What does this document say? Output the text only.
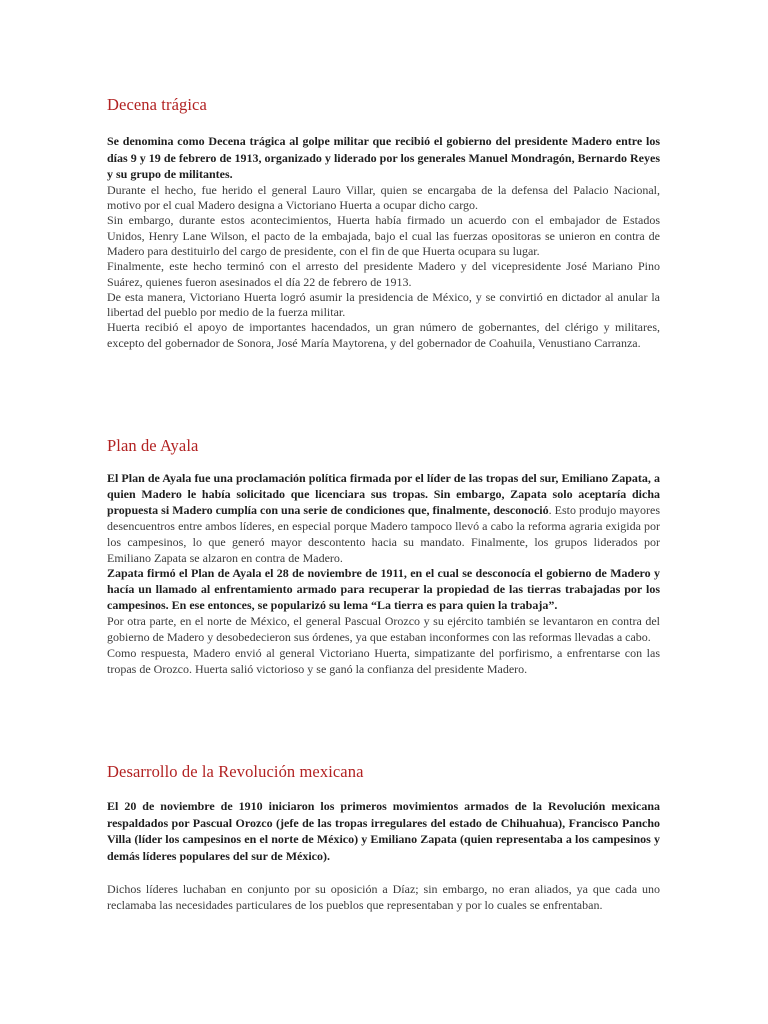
Decena trágica

Se denomina como Decena trágica al golpe militar que recibió el gobierno del presidente Madero entre los días 9 y 19 de febrero de 1913, organizado y liderado por los generales Manuel Mondragón, Bernardo Reyes y su grupo de militantes.

Durante el hecho, fue herido el general Lauro Villar, quien se encargaba de la defensa del Palacio Nacional, motivo por el cual Madero designa a Victoriano Huerta a ocupar dicho cargo.

Sin embargo, durante estos acontecimientos, Huerta había firmado un acuerdo con el embajador de Estados Unidos, Henry Lane Wilson, el pacto de la embajada, bajo el cual las fuerzas opositoras se unieron en contra de Madero para destituirlo del cargo de presidente, con el fin de que Huerta ocupara su lugar.

Finalmente, este hecho terminó con el arresto del presidente Madero y del vicepresidente José Mariano Pino Suárez, quienes fueron asesinados el día 22 de febrero de 1913.

De esta manera, Victoriano Huerta logró asumir la presidencia de México, y se convirtió en dictador al anular la libertad del pueblo por medio de la fuerza militar.

Huerta recibió el apoyo de importantes hacendados, un gran número de gobernantes, del clérigo y militares, excepto del gobernador de Sonora, José María Maytorena, y del gobernador de Coahuila, Venustiano Carranza.

Plan de Ayala

El Plan de Ayala fue una proclamación política firmada por el líder de las tropas del sur, Emiliano Zapata, a quien Madero le había solicitado que licenciara sus tropas. Sin embargo, Zapata solo aceptaría dicha propuesta si Madero cumplía con una serie de condiciones que, finalmente, desconoció. Esto produjo mayores desencuentros entre ambos líderes, en especial porque Madero tampoco llevó a cabo la reforma agraria exigida por los campesinos, lo que generó mayor descontento hacia su mandato. Finalmente, los grupos liderados por Emiliano Zapata se alzaron en contra de Madero.

Zapata firmó el Plan de Ayala el 28 de noviembre de 1911, en el cual se desconocía el gobierno de Madero y hacía un llamado al enfrentamiento armado para recuperar la propiedad de las tierras trabajadas por los campesinos. En ese entonces, se popularizó su lema “La tierra es para quien la trabaja”.

Por otra parte, en el norte de México, el general Pascual Orozco y su ejército también se levantaron en contra del gobierno de Madero y desobedecieron sus órdenes, ya que estaban inconformes con las reformas llevadas a cabo.

Como respuesta, Madero envió al general Victoriano Huerta, simpatizante del porfirismo, a enfrentarse con las tropas de Orozco. Huerta salió victorioso y se ganó la confianza del presidente Madero.

Desarrollo de la Revolución mexicana

El 20 de noviembre de 1910 iniciaron los primeros movimientos armados de la Revolución mexicana respaldados por Pascual Orozco (jefe de las tropas irregulares del estado de Chihuahua), Francisco Pancho Villa (líder los campesinos en el norte de México) y Emiliano Zapata (quien representaba a los campesinos y demás líderes populares del sur de México).

Dichos líderes luchaban en conjunto por su oposición a Díaz; sin embargo, no eran aliados, ya que cada uno reclamaba las necesidades particulares de los pueblos que representaban y por lo cuales se enfrentaban.
